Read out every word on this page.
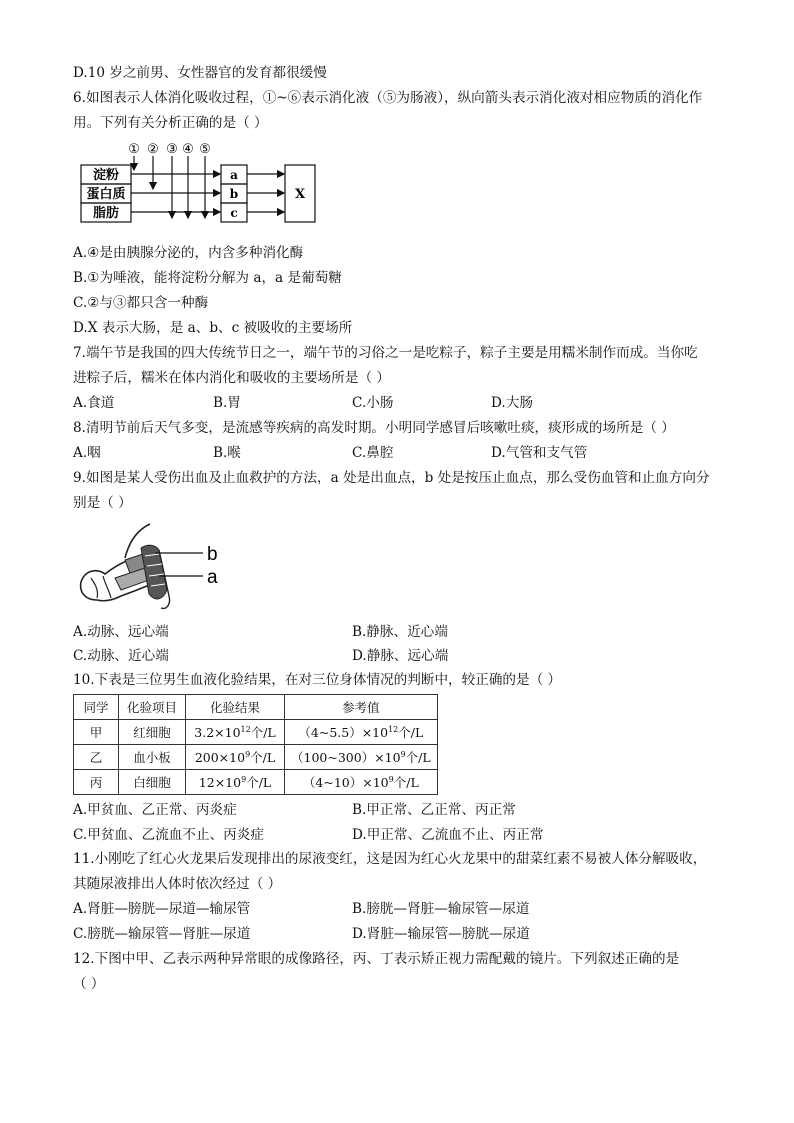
D.10 岁之前男、女性器官的发育都很缓慢
6.如图表示人体消化吸收过程，①~⑥表示消化液（⑤为肠液），纵向箭头表示消化液对相应物质的消化作
用。下列有关分析正确的是（ ）
淀粉
蛋白质
脂肪
① ② ③ ④ ⑤
a
b
c
X
A.④是由胰腺分泌的，内含多种消化酶
B.①为唾液，能将淀粉分解为 a，a 是葡萄糖
C.②与③都只含一种酶
D.X 表示大肠，是 a、b、c 被吸收的主要场所
7.端午节是我国的四大传统节日之一，端午节的习俗之一是吃粽子，粽子主要是用糯米制作而成。当你吃
进粽子后，糯米在体内消化和吸收的主要场所是（ ）
A.食道	B.胃	C.小肠	D.大肠
8.清明节前后天气多变，是流感等疾病的高发时期。小明同学感冒后咳嗽吐痰，痰形成的场所是（ ）
A.咽	B.喉	C.鼻腔	D.气管和支气管
9.如图是某人受伤出血及止血救护的方法，a 处是出血点，b 处是按压止血点，那么受伤血管和止血方向分
别是（ ）
b
a
A.动脉、远心端	B.静脉、近心端
C.动脉、近心端	D.静脉、远心端
10.下表是三位男生血液化验结果，在对三位身体情况的判断中，较正确的是（ ）
同学	化验项目	化验结果	参考值
甲	红细胞	$3.2\times 10^{12}$个/L	$(4\sim 5.5)\times 10^{12}$个/L
乙	血小板	$200\times 10^9$个/L	$(100\sim 300)\times 10^9$个/L
丙	白细胞	$12\times 10^9$个/L	$(4\sim 10)\times 10^9$个/L
A.甲贫血、乙正常、丙炎症	B.甲正常、乙正常、丙正常
C.甲贫血、乙流血不止、丙炎症	D.甲正常、乙流血不止、丙正常
11.小刚吃了红心火龙果后发现排出的尿液变红，这是因为红心火龙果中的甜菜红素不易被人体分解吸收，
其随尿液排出人体时依次经过（ ）
A.肾脏—膀胱—尿道—输尿管	B.膀胱—肾脏—输尿管—尿道
C.膀胱—输尿管—肾脏—尿道	D.肾脏—输尿管—膀胱—尿道
12.下图中甲、乙表示两种异常眼的成像路径，丙、丁表示矫正视力需配戴的镜片。下列叙述正确的是
（ ）
